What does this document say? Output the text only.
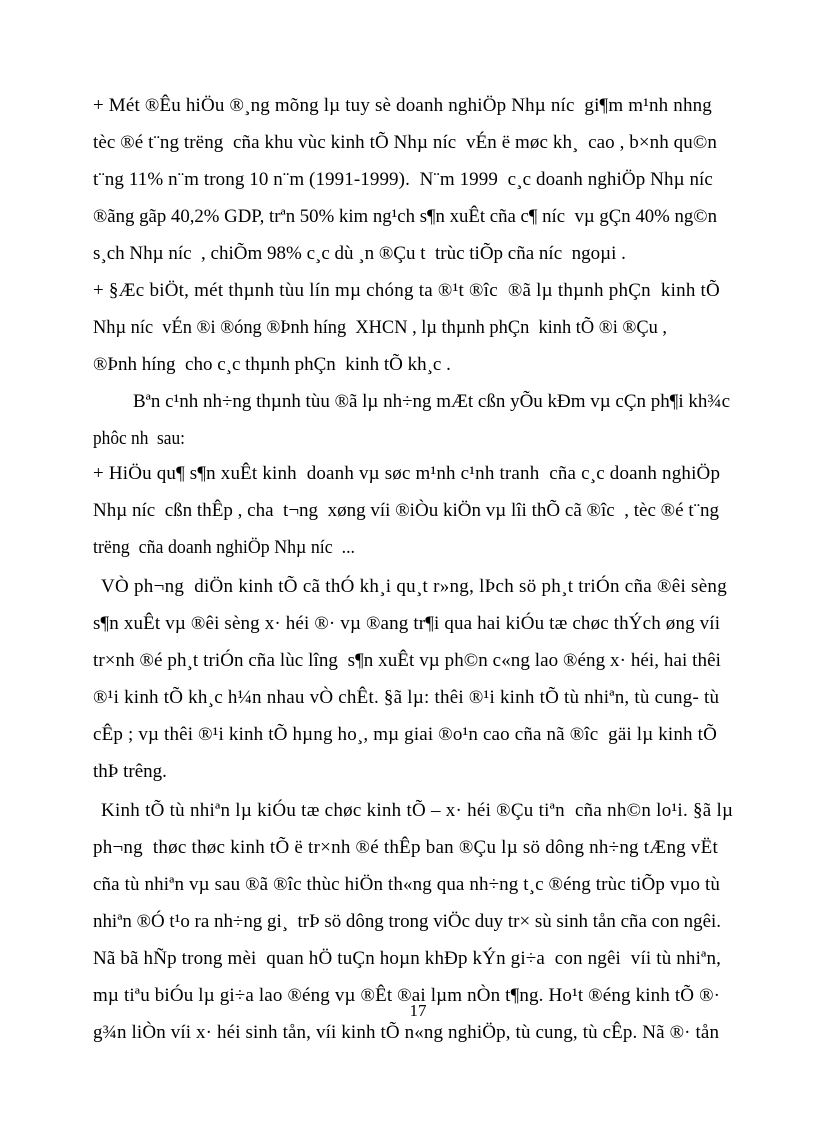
+ Mét ®Êu hiÖu ®¸ng mõng lµ tuy sè doanh nghiÖp Nhµ níc  gi¶m m¹nh nhng
tèc ®é t¨ng trëng  cña khu vùc kinh tÕ Nhµ níc  vÉn ë møc kh¸  cao , b×nh qu©n
t¨ng 11% n¨m trong 10 n¨m (1991-1999).  N¨m 1999  c¸c doanh nghiÖp Nhµ níc
®ãng gãp 40,2% GDP, trªn 50% kim ng¹ch s¶n xuÊt cña c¶ níc  vµ gÇn 40% ng©n
s¸ch Nhµ níc  , chiÕm 98% c¸c dù ¸n ®Çu t  trùc tiÕp cña níc  ngoµi .
+ §Æc biÖt, mét thµnh tùu lín mµ chóng ta ®¹t ®îc  ®ã lµ thµnh phÇn  kinh tÕ
Nhµ níc  vÉn ®i ®óng ®Þnh híng  XHCN , lµ thµnh phÇn  kinh tÕ ®i ®Çu ,
®Þnh híng  cho c¸c thµnh phÇn  kinh tÕ kh¸c .
Bªn c¹nh nh÷ng thµnh tùu ®ã lµ nh÷ng mÆt cßn yÕu kÐm vµ cÇn ph¶i kh¾c
phôc nh  sau:
+ HiÖu qu¶ s¶n xuÊt kinh  doanh vµ søc m¹nh c¹nh tranh  cña c¸c doanh nghiÖp
Nhµ níc  cßn thÊp , cha  t¬ng  xøng víi ®iÒu kiÖn vµ lîi thÕ cã ®îc  , tèc ®é t¨ng
trëng  cña doanh nghiÖp Nhµ níc  ...
VÒ ph¬ng  diÖn kinh tÕ cã thÓ kh¸i qu¸t r»ng, lÞch sö ph¸t triÓn cña ®êi sèng
s¶n xuÊt vµ ®êi sèng x· héi ®· vµ ®ang tr¶i qua hai kiÓu tæ chøc thÝch øng víi
tr×nh ®é ph¸t triÓn cña lùc lîng  s¶n xuÊt vµ ph©n c«ng lao ®éng x· héi, hai thêi
®¹i kinh tÕ kh¸c h¼n nhau vÒ chÊt. §ã lµ: thêi ®¹i kinh tÕ tù nhiªn, tù cung- tù
cÊp ; vµ thêi ®¹i kinh tÕ hµng ho¸, mµ giai ®o¹n cao cña nã ®îc  gäi lµ kinh tÕ
thÞ trêng.
Kinh tÕ tù nhiªn lµ kiÓu tæ chøc kinh tÕ – x· héi ®Çu tiªn  cña nh©n lo¹i. §ã lµ
ph¬ng  thøc thøc kinh tÕ ë tr×nh ®é thÊp ban ®Çu lµ sö dông nh÷ng tÆng vËt
cña tù nhiªn vµ sau ®ã ®îc thùc hiÖn th«ng qua nh÷ng t¸c ®éng trùc tiÕp vµo tù
nhiªn ®Ó t¹o ra nh÷ng gi¸  trÞ sö dông trong viÖc duy tr× sù sinh tån cña con ngêi.
Nã bã hÑp trong mèi  quan hÖ tuÇn hoµn khÐp kÝn gi÷a  con ngêi  víi tù nhiªn,
mµ tiªu biÓu lµ gi÷a lao ®éng vµ ®Êt ®ai lµm nÒn t¶ng. Ho¹t ®éng kinh tÕ ®·
g¾n liÒn víi x· héi sinh tån, víi kinh tÕ n«ng nghiÖp, tù cung, tù cÊp. Nã ®· tån
17
